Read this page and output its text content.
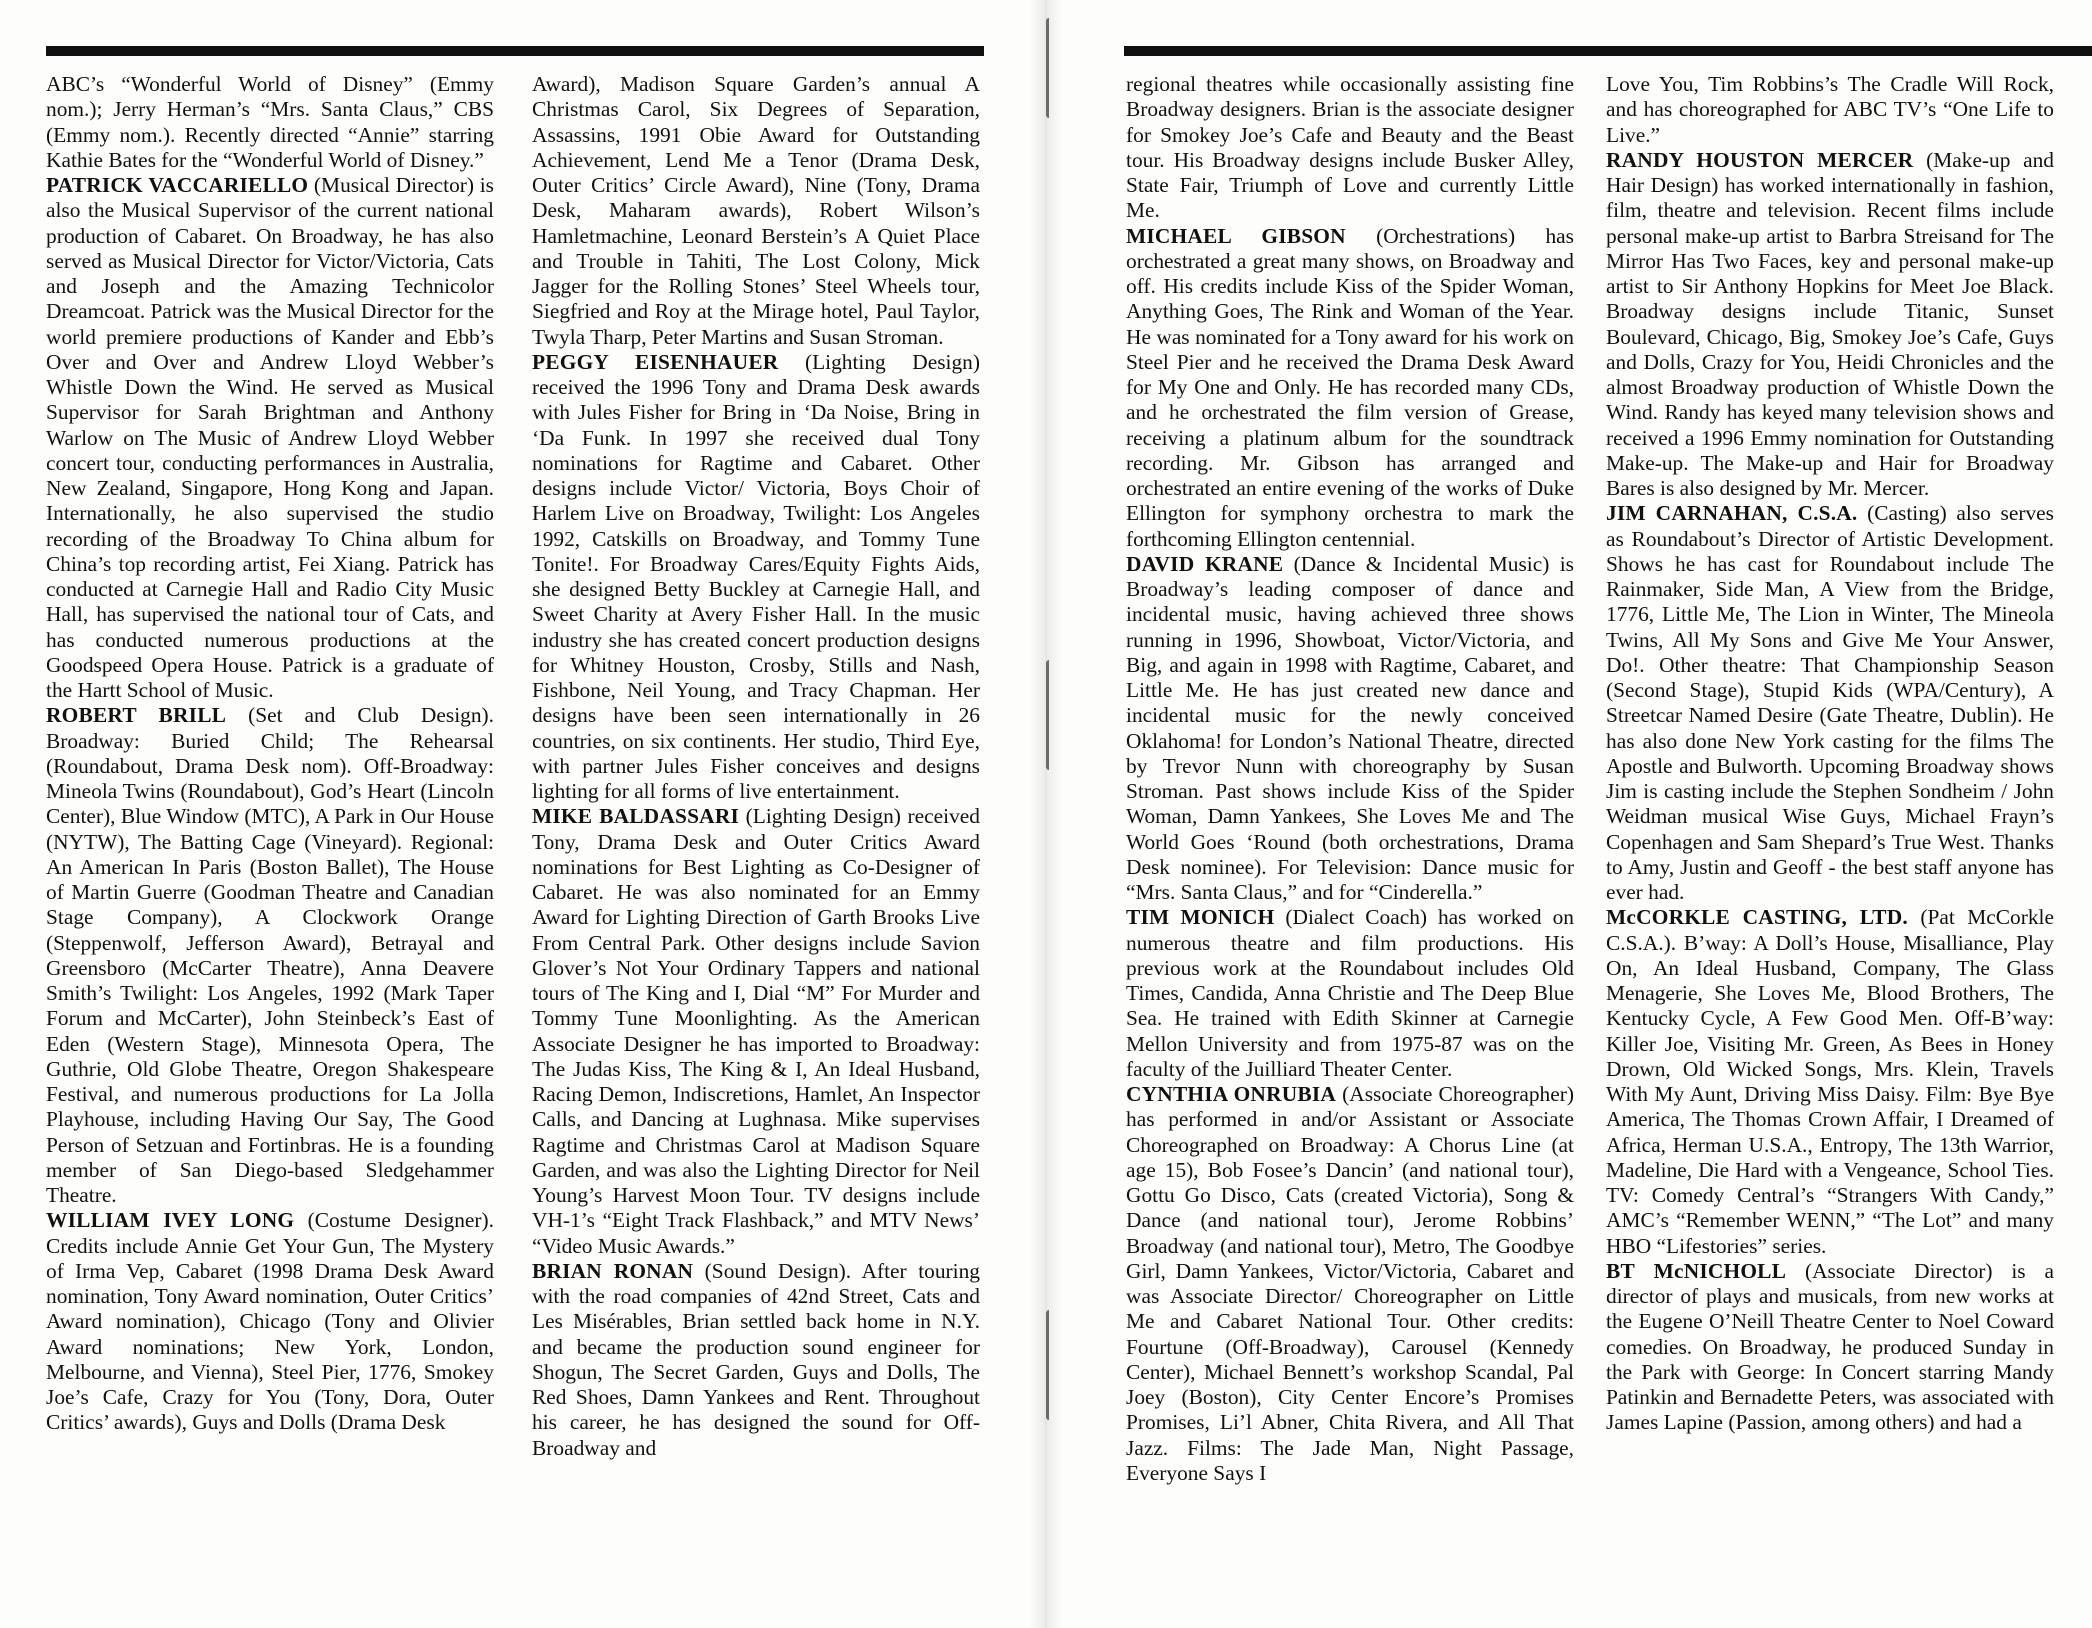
ABC’s “Wonderful World of Disney” (Emmy nom.); Jerry Herman’s “Mrs. Santa Claus,” CBS (Emmy nom.). Recently directed “Annie” starring Kathie Bates for the “Wonderful World of Disney.”

PATRICK VACCARIELLO (Musical Director) is also the Musical Supervisor of the current national production of Cabaret. On Broadway, he has also served as Musical Director for Victor/Victoria, Cats and Joseph and the Amazing Technicolor Dreamcoat. Patrick was the Musical Director for the world premiere productions of Kander and Ebb’s Over and Over and Andrew Lloyd Webber’s Whistle Down the Wind. He served as Musical Supervisor for Sarah Brightman and Anthony Warlow on The Music of Andrew Lloyd Webber concert tour, conducting performances in Australia, New Zealand, Singapore, Hong Kong and Japan. Internationally, he also supervised the studio recording of the Broadway To China album for China’s top recording artist, Fei Xiang. Patrick has conducted at Carnegie Hall and Radio City Music Hall, has supervised the national tour of Cats, and has conducted numerous productions at the Goodspeed Opera House. Patrick is a graduate of the Hartt School of Music.

ROBERT BRILL (Set and Club Design). Broadway: Buried Child; The Rehearsal (Roundabout, Drama Desk nom). Off-Broadway: Mineola Twins (Roundabout), God’s Heart (Lincoln Center), Blue Window (MTC), A Park in Our House (NYTW), The Batting Cage (Vineyard). Regional: An American In Paris (Boston Ballet), The House of Martin Guerre (Goodman Theatre and Canadian Stage Company), A Clockwork Orange (Steppenwolf, Jefferson Award), Betrayal and Greensboro (McCarter Theatre), Anna Deavere Smith’s Twilight: Los Angeles, 1992 (Mark Taper Forum and McCarter), John Steinbeck’s East of Eden (Western Stage), Minnesota Opera, The Guthrie, Old Globe Theatre, Oregon Shakespeare Festival, and numerous productions for La Jolla Playhouse, including Having Our Say, The Good Person of Setzuan and Fortinbras. He is a founding member of San Diego-based Sledgehammer Theatre.

WILLIAM IVEY LONG (Costume Designer). Credits include Annie Get Your Gun, The Mystery of Irma Vep, Cabaret (1998 Drama Desk Award nomination, Tony Award nomination, Outer Critics’ Award nomination), Chicago (Tony and Olivier Award nominations; New York, London, Melbourne, and Vienna), Steel Pier, 1776, Smokey Joe’s Cafe, Crazy for You (Tony, Dora, Outer Critics’ awards), Guys and Dolls (Drama Desk

Award), Madison Square Garden’s annual A Christmas Carol, Six Degrees of Separation, Assassins, 1991 Obie Award for Outstanding Achievement, Lend Me a Tenor (Drama Desk, Outer Critics’ Circle Award), Nine (Tony, Drama Desk, Maharam awards), Robert Wilson’s Hamletmachine, Leonard Berstein’s A Quiet Place and Trouble in Tahiti, The Lost Colony, Mick Jagger for the Rolling Stones’ Steel Wheels tour, Siegfried and Roy at the Mirage hotel, Paul Taylor, Twyla Tharp, Peter Martins and Susan Stroman.

PEGGY EISENHAUER (Lighting Design) received the 1996 Tony and Drama Desk awards with Jules Fisher for Bring in ‘Da Noise, Bring in ‘Da Funk. In 1997 she received dual Tony nominations for Ragtime and Cabaret. Other designs include Victor/ Victoria, Boys Choir of Harlem Live on Broadway, Twilight: Los Angeles 1992, Catskills on Broadway, and Tommy Tune Tonite!. For Broadway Cares/Equity Fights Aids, she designed Betty Buckley at Carnegie Hall, and Sweet Charity at Avery Fisher Hall. In the music industry she has created concert production designs for Whitney Houston, Crosby, Stills and Nash, Fishbone, Neil Young, and Tracy Chapman. Her designs have been seen internationally in 26 countries, on six continents. Her studio, Third Eye, with partner Jules Fisher conceives and designs lighting for all forms of live entertainment.

MIKE BALDASSARI (Lighting Design) received Tony, Drama Desk and Outer Critics Award nominations for Best Lighting as Co-Designer of Cabaret. He was also nominated for an Emmy Award for Lighting Direction of Garth Brooks Live From Central Park. Other designs include Savion Glover’s Not Your Ordinary Tappers and national tours of The King and I, Dial “M” For Murder and Tommy Tune Moonlighting. As the American Associate Designer he has imported to Broadway: The Judas Kiss, The King & I, An Ideal Husband, Racing Demon, Indiscretions, Hamlet, An Inspector Calls, and Dancing at Lughnasa. Mike supervises Ragtime and Christmas Carol at Madison Square Garden, and was also the Lighting Director for Neil Young’s Harvest Moon Tour. TV designs include VH-1’s “Eight Track Flashback,” and MTV News’ “Video Music Awards.”

BRIAN RONAN (Sound Design). After touring with the road companies of 42nd Street, Cats and Les Misérables, Brian settled back home in N.Y. and became the production sound engineer for Shogun, The Secret Garden, Guys and Dolls, The Red Shoes, Damn Yankees and Rent. Throughout his career, he has designed the sound for Off-Broadway and

regional theatres while occasionally assisting fine Broadway designers. Brian is the associate designer for Smokey Joe’s Cafe and Beauty and the Beast tour. His Broadway designs include Busker Alley, State Fair, Triumph of Love and currently Little Me.

MICHAEL GIBSON (Orchestrations) has orchestrated a great many shows, on Broadway and off. His credits include Kiss of the Spider Woman, Anything Goes, The Rink and Woman of the Year. He was nominated for a Tony award for his work on Steel Pier and he received the Drama Desk Award for My One and Only. He has recorded many CDs, and he orchestrated the film version of Grease, receiving a platinum album for the soundtrack recording. Mr. Gibson has arranged and orchestrated an entire evening of the works of Duke Ellington for symphony orchestra to mark the forthcoming Ellington centennial.

DAVID KRANE (Dance & Incidental Music) is Broadway’s leading composer of dance and incidental music, having achieved three shows running in 1996, Showboat, Victor/Victoria, and Big, and again in 1998 with Ragtime, Cabaret, and Little Me. He has just created new dance and incidental music for the newly conceived Oklahoma! for London’s National Theatre, directed by Trevor Nunn with choreography by Susan Stroman. Past shows include Kiss of the Spider Woman, Damn Yankees, She Loves Me and The World Goes ‘Round (both orchestrations, Drama Desk nominee). For Television: Dance music for “Mrs. Santa Claus,” and for “Cinderella.”

TIM MONICH (Dialect Coach) has worked on numerous theatre and film productions. His previous work at the Roundabout includes Old Times, Candida, Anna Christie and The Deep Blue Sea. He trained with Edith Skinner at Carnegie Mellon University and from 1975-87 was on the faculty of the Juilliard Theater Center.

CYNTHIA ONRUBIA (Associate Choreographer) has performed in and/or Assistant or Associate Choreographed on Broadway: A Chorus Line (at age 15), Bob Fosee’s Dancin’ (and national tour), Gottu Go Disco, Cats (created Victoria), Song & Dance (and national tour), Jerome Robbins’ Broadway (and national tour), Metro, The Goodbye Girl, Damn Yankees, Victor/Victoria, Cabaret and was Associate Director/ Choreographer on Little Me and Cabaret National Tour. Other credits: Fourtune (Off-Broadway), Carousel (Kennedy Center), Michael Bennett’s workshop Scandal, Pal Joey (Boston), City Center Encore’s Promises Promises, Li’l Abner, Chita Rivera, and All That Jazz. Films: The Jade Man, Night Passage, Everyone Says I

Love You, Tim Robbins’s The Cradle Will Rock, and has choreographed for ABC TV’s “One Life to Live.”

RANDY HOUSTON MERCER (Make-up and Hair Design) has worked internationally in fashion, film, theatre and television. Recent films include personal make-up artist to Barbra Streisand for The Mirror Has Two Faces, key and personal make-up artist to Sir Anthony Hopkins for Meet Joe Black. Broadway designs include Titanic, Sunset Boulevard, Chicago, Big, Smokey Joe’s Cafe, Guys and Dolls, Crazy for You, Heidi Chronicles and the almost Broadway production of Whistle Down the Wind. Randy has keyed many television shows and received a 1996 Emmy nomination for Outstanding Make-up. The Make-up and Hair for Broadway Bares is also designed by Mr. Mercer.

JIM CARNAHAN, C.S.A. (Casting) also serves as Roundabout’s Director of Artistic Development. Shows he has cast for Roundabout include The Rainmaker, Side Man, A View from the Bridge, 1776, Little Me, The Lion in Winter, The Mineola Twins, All My Sons and Give Me Your Answer, Do!. Other theatre: That Championship Season (Second Stage), Stupid Kids (WPA/Century), A Streetcar Named Desire (Gate Theatre, Dublin). He has also done New York casting for the films The Apostle and Bulworth. Upcoming Broadway shows Jim is casting include the Stephen Sondheim / John Weidman musical Wise Guys, Michael Frayn’s Copenhagen and Sam Shepard’s True West. Thanks to Amy, Justin and Geoff - the best staff anyone has ever had.

McCORKLE CASTING, LTD. (Pat McCorkle C.S.A.). B’way: A Doll’s House, Misalliance, Play On, An Ideal Husband, Company, The Glass Menagerie, She Loves Me, Blood Brothers, The Kentucky Cycle, A Few Good Men. Off-B’way: Killer Joe, Visiting Mr. Green, As Bees in Honey Drown, Old Wicked Songs, Mrs. Klein, Travels With My Aunt, Driving Miss Daisy. Film: Bye Bye America, The Thomas Crown Affair, I Dreamed of Africa, Herman U.S.A., Entropy, The 13th Warrior, Madeline, Die Hard with a Vengeance, School Ties. TV: Comedy Central’s “Strangers With Candy,” AMC’s “Remember WENN,” “The Lot” and many HBO “Lifestories” series.

BT McNICHOLL (Associate Director) is a director of plays and musicals, from new works at the Eugene O’Neill Theatre Center to Noel Coward comedies. On Broadway, he produced Sunday in the Park with George: In Concert starring Mandy Patinkin and Bernadette Peters, was associated with James Lapine (Passion, among others) and had a
